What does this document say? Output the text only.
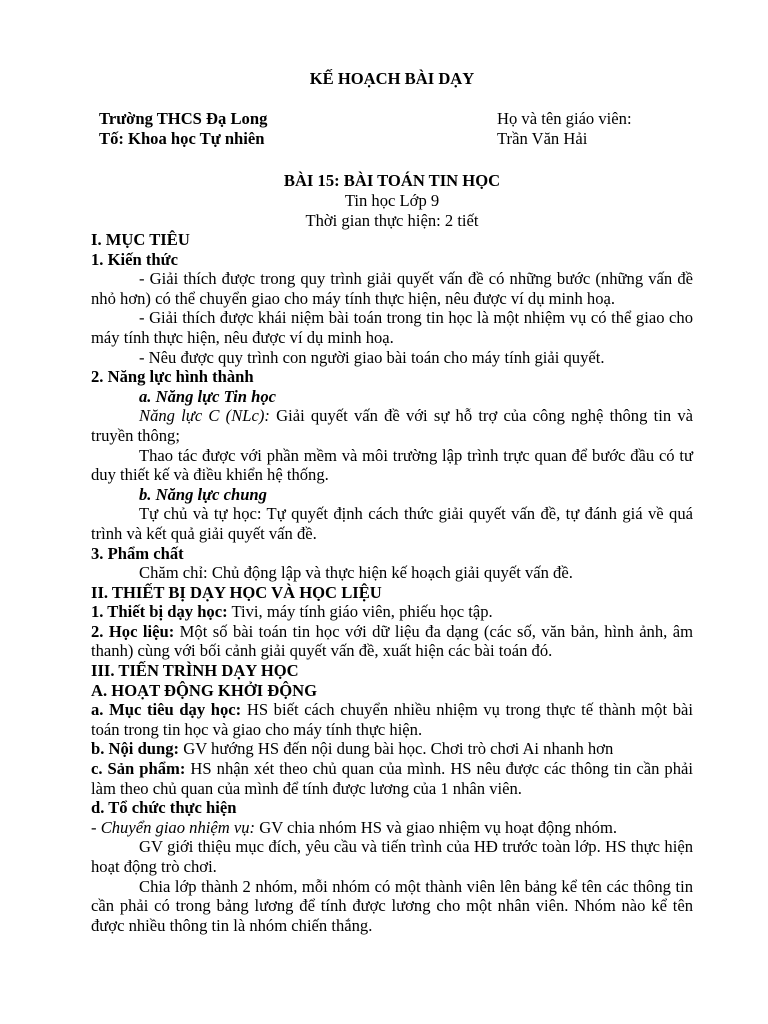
KẾ HOẠCH BÀI DẠY
Trường THCS Đạ Long	Họ và tên giáo viên:
Tố: Khoa học Tự nhiên	Trần Văn Hải
BÀI 15: BÀI TOÁN TIN HỌC
Tin học Lớp 9
Thời gian thực hiện: 2 tiết

I. MỤC TIÊU

1. Kiến thức

- Giải thích được trong quy trình giải quyết vấn đề có những bước (những vấn đề nhỏ hơn) có thể chuyển giao cho máy tính thực hiện, nêu được ví dụ minh hoạ.

- Giải thích được khái niệm bài toán trong tin học là một nhiệm vụ có thể giao cho máy tính thực hiện, nêu được ví dụ minh hoạ.

- Nêu được quy trình con người giao bài toán cho máy tính giải quyết.

2. Năng lực hình thành

a. Năng lực Tin học

Năng lực C (NLc): Giải quyết vấn đề với sự hỗ trợ của công nghệ thông tin và truyền thông;

Thao tác được với phần mềm và môi trường lập trình trực quan để bước đầu có tư duy thiết kế và điều khiển hệ thống.

b. Năng lực chung

Tự chủ và tự học: Tự quyết định cách thức giải quyết vấn đề, tự đánh giá về quá trình và kết quả giải quyết vấn đề.

3. Phẩm chất

Chăm chỉ: Chủ động lập và thực hiện kế hoạch giải quyết vấn đề.

II. THIẾT BỊ DẠY HỌC VÀ HỌC LIỆU

1. Thiết bị dạy học: Tivi, máy tính giáo viên, phiếu học tập.

2. Học liệu: Một số bài toán tin học với dữ liệu đa dạng (các số, văn bản, hình ảnh, âm thanh) cùng với bối cảnh giải quyết vấn đề, xuất hiện các bài toán đó.

III. TIẾN TRÌNH DẠY HỌC

A. HOẠT ĐỘNG KHỞI ĐỘNG

a. Mục tiêu dạy học: HS biết cách chuyển nhiều nhiệm vụ trong thực tế thành một bài toán trong tin học và giao cho máy tính thực hiện.

b. Nội dung: GV hướng HS đến nội dung bài học. Chơi trò chơi Ai nhanh hơn

c. Sản phẩm: HS nhận xét theo chủ quan của mình. HS nêu được các thông tin cần phải làm theo chủ quan của mình để tính được lương của 1 nhân viên.

d. Tổ chức thực hiện

- Chuyển giao nhiệm vụ: GV chia nhóm HS và giao nhiệm vụ hoạt động nhóm.

GV giới thiệu mục đích, yêu cầu và tiến trình của HĐ trước toàn lớp. HS thực hiện hoạt động trò chơi.

Chia lớp thành 2 nhóm, mỗi nhóm có một thành viên lên bảng kể tên các thông tin cần phải có trong bảng lương để tính được lương cho một nhân viên. Nhóm nào kể tên được nhiều thông tin là nhóm chiến thắng.
